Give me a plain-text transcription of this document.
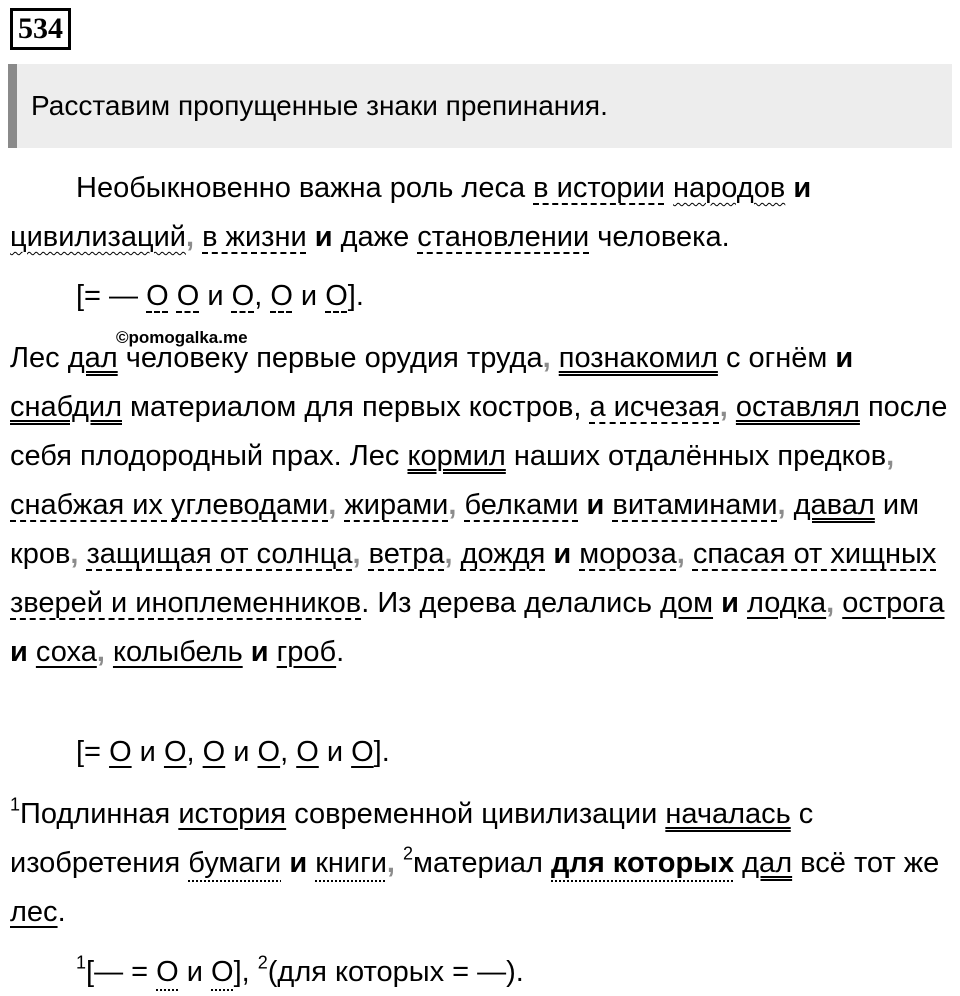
534
Расставим пропущенные знаки препинания.

Необыкновенно важна роль леса в истории народов и цивилизаций, в жизни и даже становлении человека.

[= — О О и О, О и О].
©pomogalka.me

Лес дал человеку первые орудия труда, познакомил с огнём и снабдил материалом для первых костров, а исчезая, оставлял после себя плодородный прах. Лес кормил наших отдалённых предков, снабжая их углеводами, жирами, белками и витаминами, давал им кров, защищая от солнца, ветра, дождя и мороза, спасая от хищных зверей и иноплеменников. Из дерева делались дом и лодка, острога и соха, колыбель и гроб.

[= О и О, О и О, О и О].

$^1$Подлинная история современной цивилизации началась с изобретения бумаги и книги, $^2$материал для которых дал всё тот же лес.

$^1$[— = О и О], $^2$(для которых = —).
